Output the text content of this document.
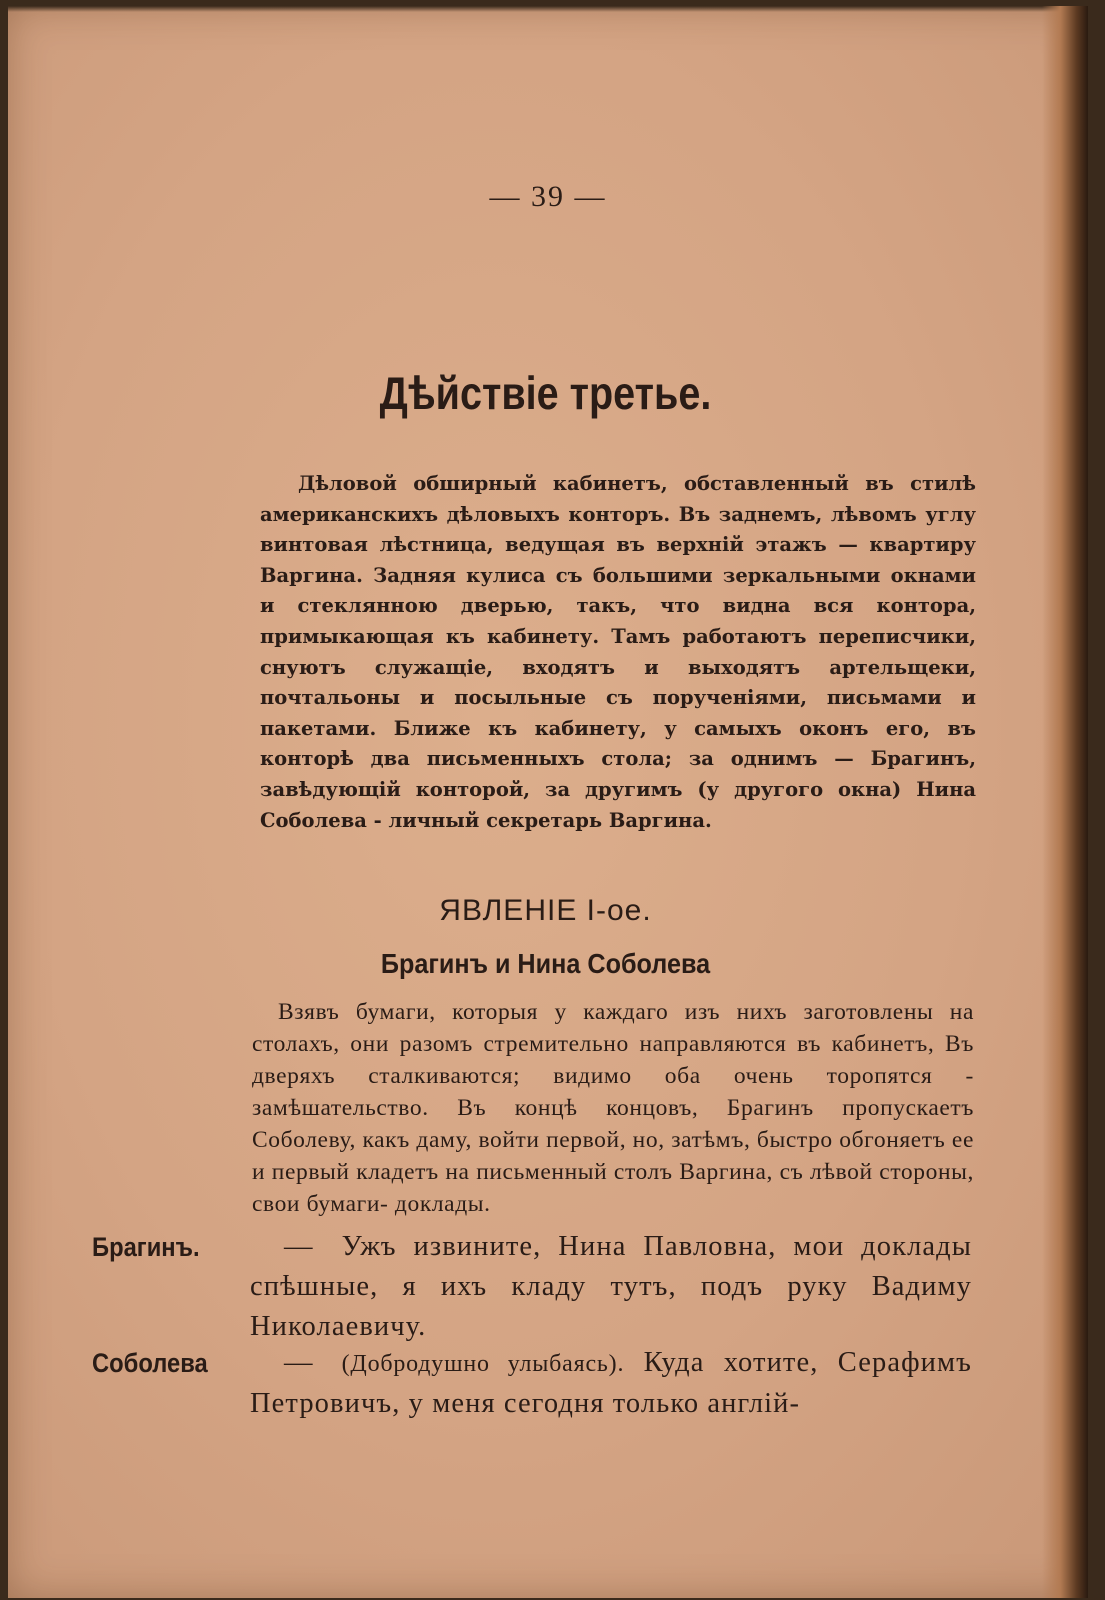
— 39 —
Дѣйствіе третье.
Дѣловой обширный кабинетъ, обставленный въ стилѣ американскихъ дѣловыхъ конторъ. Въ заднемъ, лѣвомъ углу винтовая лѣстница, ведущая въ верхній этажъ — квартиру Варгина. Задняя кулиса съ большими зеркальными окнами и стеклянною дверью, такъ, что видна вся контора, примыкающая къ кабинету. Тамъ работаютъ переписчики, снуютъ служащіе, входятъ и выходятъ артельщеки, почтальоны и посыльные съ порученіями, письмами и пакетами. Ближе къ кабинету, у самыхъ оконъ его, въ конторѣ два письменныхъ стола; за однимъ — Брагинъ, завѣдующій конторой, за другимъ (у другого окна) Нина Соболева - личный секретарь Варгина.
ЯВЛЕНІЕ I-ое.
Брагинъ и Нина Соболева
Взявъ бумаги, которыя у каждаго изъ нихъ заготовлены на столахъ, они разомъ стремительно направляются въ кабинетъ, Въ дверяхъ сталкиваются; видимо оба очень торопятся - замѣшательство. Въ концѣ концовъ, Брагинъ пропускаетъ Соболеву, какъ даму, войти первой, но, затѣмъ, быстро обгоняетъ ее и первый кладетъ на письменный столъ Варгина, съ лѣвой стороны, свои бумаги- доклады.
Брагинъ.	— Ужъ извините, Нина Павловна, мои доклады спѣшные, я ихъ кладу тутъ, подъ руку Вадиму Николаевичу.
Соболева	— (Добродушно улыбаясь). Куда хотите, Серафимъ Петровичъ, у меня сегодня только англій-
